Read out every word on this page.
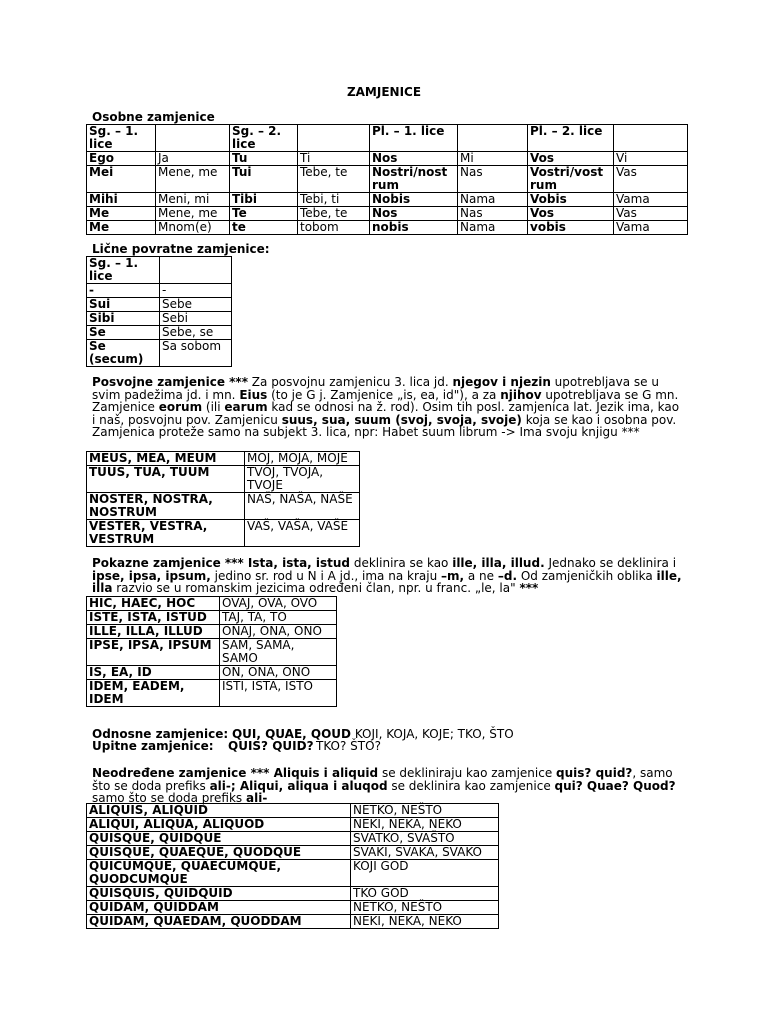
ZAMJENICE
Osobne zamjenice
Sg. – 1. lice		Sg. – 2. lice		Pl. – 1. lice		Pl. – 2. lice	
Ego	Ja	Tu	Ti	Nos	Mi	Vos	Vi
Mei	Mene, me	Tui	Tebe, te	Nostri/nost rum	Nas	Vostri/vost rum	Vas
Mihi	Meni, mi	Tibi	Tebi, ti	Nobis	Nama	Vobis	Vama
Me	Mene, me	Te	Tebe, te	Nos	Nas	Vos	Vas
Me	Mnom(e)	te	tobom	nobis	Nama	vobis	Vama
Lične povratne zamjenice:
Sg. – 1. lice	
-	-
Sui	Sebe
Sibi	Sebi
Se	Sebe, se
Se (secum)	Sa sobom
Posvojne zamjenice *** Za posvojnu zamjenicu 3. lica jd. njegov i njezin upotrebljava se u svim padežima jd. i mn. Eius (to je G j. Zamjenice „is, ea, id"), a za njihov upotrebljava se G mn. Zamjenice eorum (ili earum kad se odnosi na ž. rod). Osim tih posl. zamjenica lat. Jezik ima, kao i naš, posvojnu pov. Zamjenicu suus, sua, suum (svoj, svoja, svoje) koja se kao i osobna pov. Zamjenica proteže samo na subjekt 3. lica, npr: Habet suum librum -> Ima svoju knjigu ***
MEUS, MEA, MEUM	MOJ, MOJA, MOJE
TUUS, TUA, TUUM	TVOJ, TVOJA, TVOJE
NOSTER, NOSTRA, NOSTRUM	NAŠ, NAŠA, NAŠE
VESTER, VESTRA, VESTRUM	VAŠ, VAŠA, VAŠE
Pokazne zamjenice *** Ista, ista, istud deklinira se kao ille, illa, illud. Jednako se deklinira i ipse, ipsa, ipsum, jedino sr. rod u N i A jd., ima na kraju –m, a ne –d. Od zamjeničkih oblika ille, illa razvio se u romanskim jezicima određeni član, npr. u franc. „le, la" ***
HIC, HAEC, HOC	OVAJ, OVA, OVO
ISTE, ISTA, ISTUD	TAJ, TA, TO
ILLE, ILLA, ILLUD	ONAJ, ONA, ONO
IPSE, IPSA, IPSUM	SAM, SAMA, SAMO
IS, EA, ID	ON, ONA, ONO
IDEM, EADEM, IDEM	ISTI, ISTA, ISTO
Odnosne zamjenice: QUI, QUAE, QOUD KOJI, KOJA, KOJE; TKO, ŠTO
Upitne zamjenice: QUIS? QUID? TKO? ŠTO?
Neodređene zamjenice *** Aliquis i aliquid se dekliniraju kao zamjenice quis? quid?, samo što se doda prefiks ali-; Aliqui, aliqua i aluqod se deklinira kao zamjenice qui? Quae? Quod? samo što se doda prefiks ali-
ALIQUIS, ALIQUID	NETKO, NEŠTO
ALIQUI, ALIQUA, ALIQUOD	NEKI, NEKA, NEKO
QUISQUE, QUIDQUE	SVATKO, SVAŠTO
QUISQUE, QUAEQUE, QUODQUE	SVAKI, SVAKA, SVAKO
QUICUMQUE, QUAECUMQUE, QUODCUMQUE	KOJI GOD
QUISQUIS, QUIDQUID	TKO GOD
QUIDAM, QUIDDAM	NETKO, NEŠTO
QUIDAM, QUAEDAM, QUODDAM	NEKI, NEKA, NEKO
